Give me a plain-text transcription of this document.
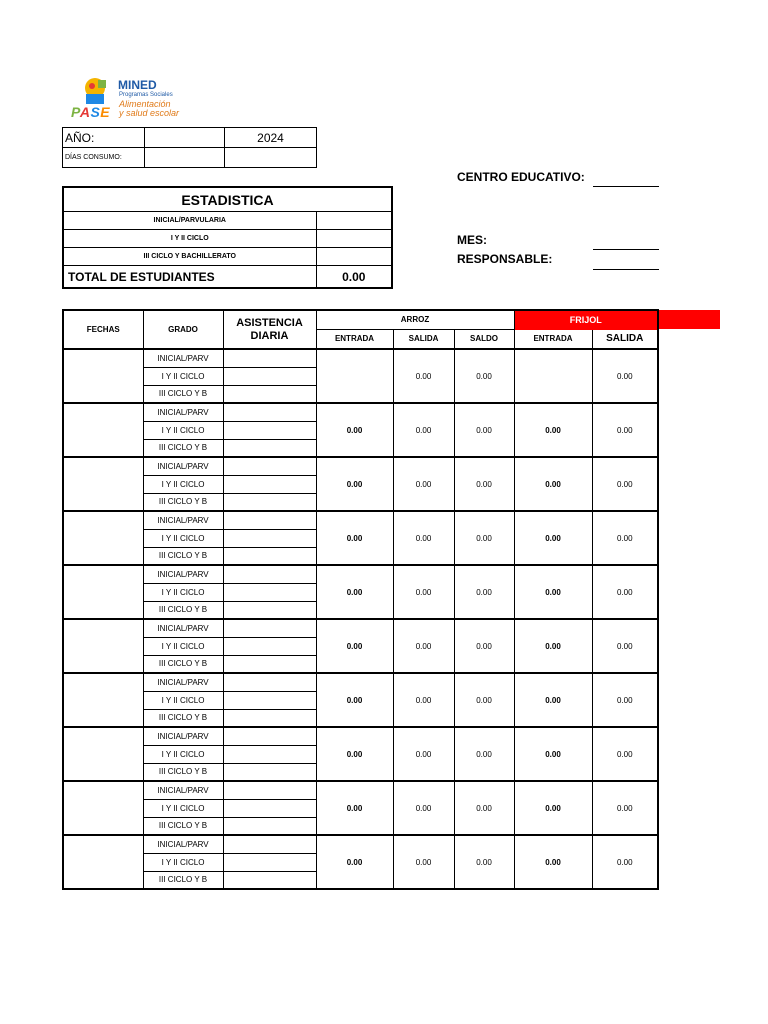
MINED
Programas Sociales
Alimentación
y salud escolar
PASE
AÑO:		2024
DÍAS CONSUMO:		
CENTRO EDUCATIVO:
MES:
RESPONSABLE:
ESTADISTICA	
INICIAL/PARVULARIA	
I Y II CICLO	
III CICLO Y BACHILLERATO	
TOTAL DE ESTUDIANTES	0.00
FECHAS	GRADO	ASISTENCIA DIARIA	ARROZ			FRIJOL	
			ENTRADA	SALIDA	SALDO	ENTRADA	SALIDA
	INICIAL/PARV			0.00	0.00		0.00
	I Y II CICLO						
	III CICLO Y B						
	INICIAL/PARV		0.00	0.00	0.00	0.00	0.00
	I Y II CICLO						
	III CICLO Y B						
	INICIAL/PARV		0.00	0.00	0.00	0.00	0.00
	I Y II CICLO						
	III CICLO Y B						
	INICIAL/PARV		0.00	0.00	0.00	0.00	0.00
	I Y II CICLO						
	III CICLO Y B						
	INICIAL/PARV		0.00	0.00	0.00	0.00	0.00
	I Y II CICLO						
	III CICLO Y B						
	INICIAL/PARV		0.00	0.00	0.00	0.00	0.00
	I Y II CICLO						
	III CICLO Y B						
	INICIAL/PARV		0.00	0.00	0.00	0.00	0.00
	I Y II CICLO						
	III CICLO Y B						
	INICIAL/PARV		0.00	0.00	0.00	0.00	0.00
	I Y II CICLO						
	III CICLO Y B						
	INICIAL/PARV		0.00	0.00	0.00	0.00	0.00
	I Y II CICLO						
	III CICLO Y B						
	INICIAL/PARV		0.00	0.00	0.00	0.00	0.00
	I Y II CICLO						
	III CICLO Y B						
